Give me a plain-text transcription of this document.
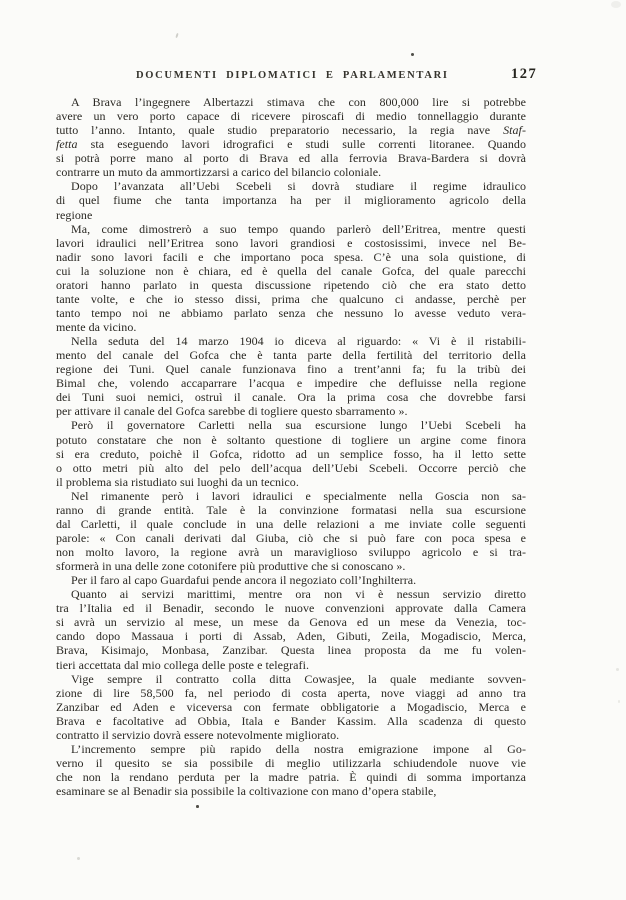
DOCUMENTI DIPLOMATICI E PARLAMENTARI	127
A Brava l’ingegnere Albertazzi stimava che con 800,000 lire si potrebbe
avere un vero porto capace di ricevere piroscafi di medio tonnellaggio durante
tutto l’anno. Intanto, quale studio preparatorio necessario, la regia nave Staf-
fetta sta eseguendo lavori idrografici e studi sulle correnti litoranee. Quando
si potrà porre mano al porto di Brava ed alla ferrovia Brava-Bardera si dovrà
contrarre un muto da ammortizzarsi a carico del bilancio coloniale.
Dopo l’avanzata all’Uebi Scebeli si dovrà studiare il regime idraulico
di quel fiume che tanta importanza ha per il miglioramento agricolo della
regione
Ma, come dimostrerò a suo tempo quando parlerò dell’Eritrea, mentre questi
lavori idraulici nell’Eritrea sono lavori grandiosi e costosissimi, invece nel Be-
nadir sono lavori facili e che importano poca spesa. C’è una sola quistione, di
cui la soluzione non è chiara, ed è quella del canale Gofca, del quale parecchi
oratori hanno parlato in questa discussione ripetendo ciò che era stato detto
tante volte, e che io stesso dissi, prima che qualcuno ci andasse, perchè per
tanto tempo noi ne abbiamo parlato senza che nessuno lo avesse veduto vera-
mente da vicino.
Nella seduta del 14 marzo 1904 io diceva al riguardo: « Vi è il ristabili-
mento del canale del Gofca che è tanta parte della fertilità del territorio della
regione dei Tuni. Quel canale funzionava fino a trent’anni fa; fu la tribù dei
Bimal che, volendo accaparrare l’acqua e impedire che defluisse nella regione
dei Tuni suoi nemici, ostruì il canale. Ora la prima cosa che dovrebbe farsi
per attivare il canale del Gofca sarebbe di togliere questo sbarramento ».
Però il governatore Carletti nella sua escursione lungo l’Uebi Scebeli ha
potuto constatare che non è soltanto questione di togliere un argine come finora
si era creduto, poichè il Gofca, ridotto ad un semplice fosso, ha il letto sette
o otto metri più alto del pelo dell’acqua dell’Uebi Scebeli. Occorre perciò che
il problema sia ristudiato sui luoghi da un tecnico.
Nel rimanente però i lavori idraulici e specialmente nella Goscia non sa-
ranno di grande entità. Tale è la convinzione formatasi nella sua escursione
dal Carletti, il quale conclude in una delle relazioni a me inviate colle seguenti
parole: « Con canali derivati dal Giuba, ciò che si può fare con poca spesa e
non molto lavoro, la regione avrà un maraviglioso sviluppo agricolo e si tra-
sformerà in una delle zone cotonifere più produttive che si conoscano ».
Per il faro al capo Guardafui pende ancora il negoziato coll’Inghilterra.
Quanto ai servizi marittimi, mentre ora non vi è nessun servizio diretto
tra l’Italia ed il Benadir, secondo le nuove convenzioni approvate dalla Camera
si avrà un servizio al mese, un mese da Genova ed un mese da Venezia, toc-
cando dopo Massaua i porti di Assab, Aden, Gibuti, Zeila, Mogadiscio, Merca,
Brava, Kisimajo, Monbasa, Zanzibar. Questa linea proposta da me fu volen-
tieri accettata dal mio collega delle poste e telegrafi.
Vige sempre il contratto colla ditta Cowasjee, la quale mediante sovven-
zione di lire 58,500 fa, nel periodo di costa aperta, nove viaggi ad anno tra
Zanzibar ed Aden e viceversa con fermate obbligatorie a Mogadiscio, Merca e
Brava e facoltative ad Obbia, Itala e Bander Kassim. Alla scadenza di questo
contratto il servizio dovrà essere notevolmente migliorato.
L’incremento sempre più rapido della nostra emigrazione impone al Go-
verno il quesito se sia possibile di meglio utilizzarla schiudendole nuove vie
che non la rendano perduta per la madre patria. È quindi di somma importanza
esaminare se al Benadir sia possibile la coltivazione con mano d’opera stabile,
